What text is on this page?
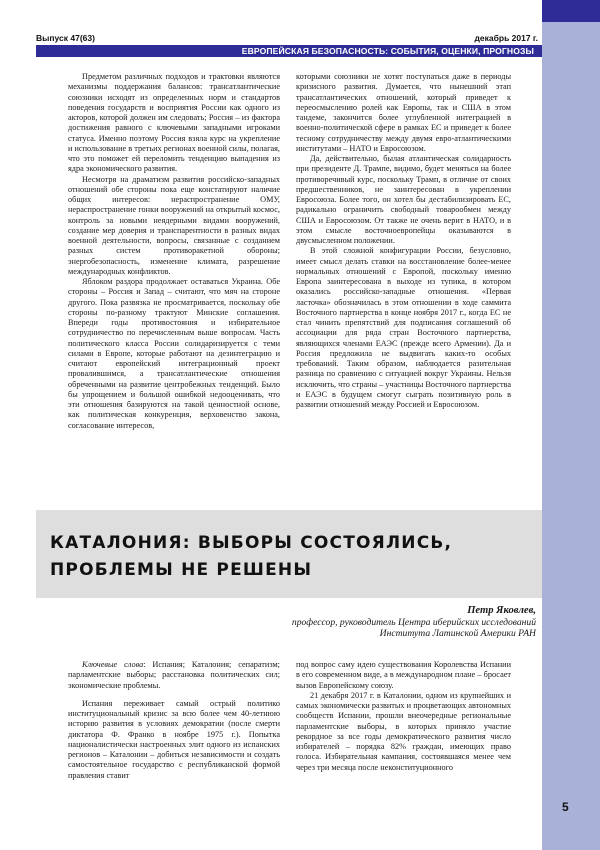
Выпуск 47(63)	декабрь 2017 г.
ЕВРОПЕЙСКАЯ БЕЗОПАСНОСТЬ: СОБЫТИЯ, ОЦЕНКИ, ПРОГНОЗЫ

Предметом различных подходов и трактовки являются механизмы поддержания балансов: трансатлантические союзники исходят из определенных норм и стандартов поведения государств и восприятия России как одного из акторов, которой должен им следовать; Россия – из фактора достижения равного с ключевыми западными игроками статуса. Именно поэтому Россия взяла курс на укрепление и использование в третьих регионах военной силы, полагая, что это поможет ей переломить тенденцию выпадения из ядра экономического развития.

Несмотря на драматизм развития российско-западных отношений обе стороны пока еще констатируют наличие общих интересов: нераспространение ОМУ, нераспространение гонки вооружений на открытый космос, контроль за новыми неядерными видами вооружений, создание мер доверия и транспарентности в разных видах военной деятельности, вопросы, связанные с созданием разных систем противоракетной обороны; энергобезопасность, изменение климата, разрешение международных конфликтов.

Яблоком раздора продолжает оставаться Украина. Обе стороны – Россия и Запад – считают, что мяч на стороне другого. Пока развязка не просматривается, поскольку обе стороны по-разному трактуют Минские соглашения. Впереди годы противостояния и избирательное сотрудничество по перечисленным выше вопросам. Часть политического класса России солидаризируется с теми силами в Европе, которые работают на дезинтеграцию и считают европейский интеграционный проект провалившимся, а трансатлантические отношения обреченными на развитие центробежных тенденций. Было бы упрощением и большой ошибкой недооценивать, что эти отношения базируются на такой ценностной основе, как политическая конкуренция, верховенство закона, согласование интересов,

которыми союзники не хотят поступаться даже в периоды кризисного развития. Думается, что нынешний этап трансатлантических отношений, который приведет к переосмыслению ролей как Европы, так и США в этом тандеме, закончится более углубленной интеграцией в военно-политической сфере в рамках ЕС и приведет к более тесному сотрудничеству между двумя евро-атлантическими институтами – НАТО и Евросоюзом.

Да, действительно, былая атлантическая солидарность при президенте Д. Трампе, видимо, будет меняться на более противоречивый курс, поскольку Трамп, в отличие от своих предшественников, не заинтересован в укреплении Евросоюза. Более того, он хотел бы дестабилизировать ЕС, радикально ограничить свободный товарообмен между США и Евросоюзом. От также не очень верит в НАТО, и в этом смысле восточноевропейцы оказываются в двусмысленном положении.

В этой сложной конфигурации России, безусловно, имеет смысл делать ставки на восстановление более-менее нормальных отношений с Европой, поскольку именно Европа заинтересована в выходе из тупика, в котором оказались российско-западные отношения. «Первая ласточка» обозначилась в этом отношении в ходе саммита Восточного партнерства в конце ноября 2017 г., когда ЕС не стал чинить препятствий для подписания соглашений об ассоциации для ряда стран Восточного партнерства, являющихся членами ЕАЭС (прежде всего Армении). Да и Россия предложила не выдвигать каких-то особых требований. Таким образом, наблюдается разительная разница по сравнению с ситуацией вокруг Украины. Нельзя исключить, что страны – участницы Восточного партнерства и ЕАЭС в будущем смогут сыграть позитивную роль в развитии отношений между Россией и Евросоюзом.

КАТАЛОНИЯ: ВЫБОРЫ СОСТОЯЛИСЬ,
ПРОБЛЕМЫ НЕ РЕШЕНЫ
Петр Яковлев,
профессор, руководитель Центра иберийских исследований
Института Латинской Америки РАН

Ключевые слова: Испания; Каталония; сепаратизм; парламентские выборы; расстановка политических сил; экономические проблемы.

Испания переживает самый острый политико институциональный кризис за всю более чем 40-летнюю историю развития в условиях демократии (после смерти диктатора Ф. Франко в ноябре 1975 г.). Попытка националистически настроенных элит одного из испанских регионов – Каталонии – добиться независимости и создать самостоятельное государство с республиканской формой правления ставит

под вопрос саму идею существования Королевства Испании в его современном виде, а в международном плане – бросает вызов Европейскому союзу.

21 декабря 2017 г. в Каталонии, одном из крупнейших и самых экономически развитых и процветающих автономных сообществ Испании, прошли внеочередные региональные парламентские выборы, в которых приняло участие рекордное за все годы демократического развития число избирателей – порядка 82% граждан, имеющих право голоса. Избирательная кампания, состоявшаяся менее чем через три месяца после неконституционного

5
